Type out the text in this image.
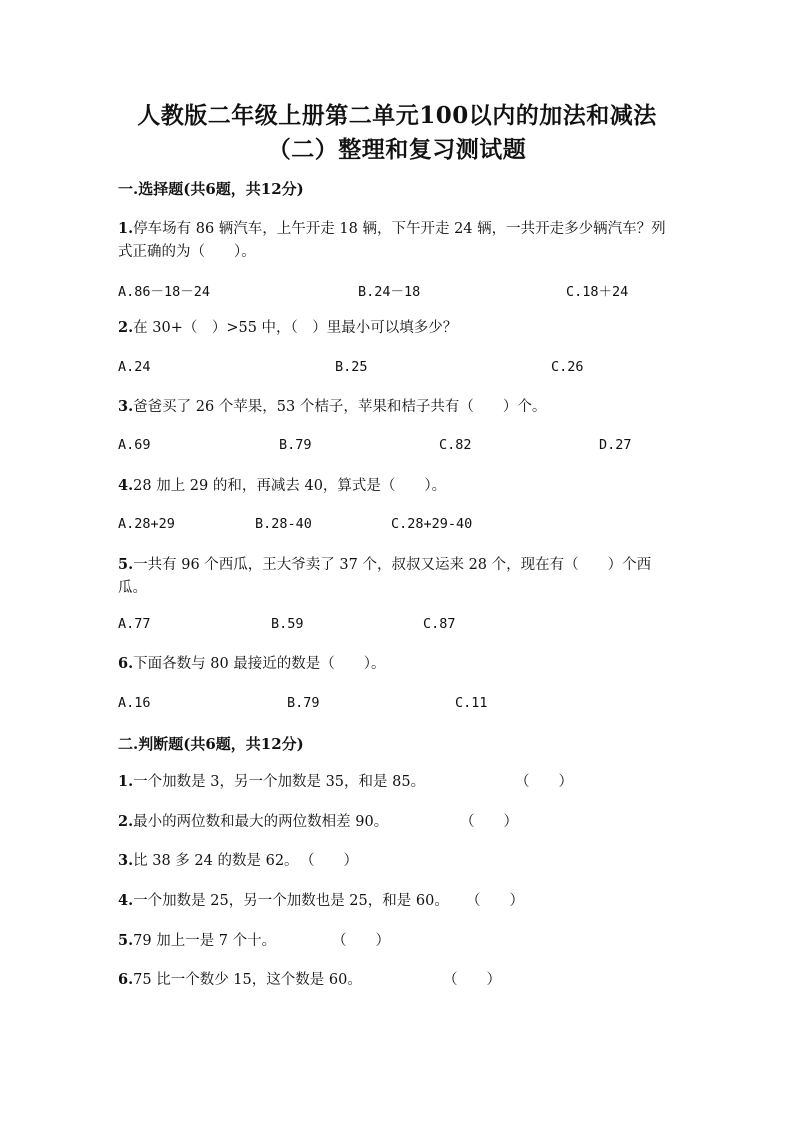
人教版二年级上册第二单元100以内的加法和减法
（二）整理和复习测试题
一.选择题(共6题，共12分)
1.停车场有 86 辆汽车，上午开走 18 辆，下午开走 24 辆，一共开走多少辆汽车？列式正确的为（　　）。
A.86－18－24	B.24－18	C.18＋24
2.在 30+（　）>55 中，（　）里最小可以填多少？
A.24	B.25	C.26
3.爸爸买了 26 个苹果，53 个桔子，苹果和桔子共有（　　）个。
A.69	B.79	C.82	D.27
4.28 加上 29 的和，再减去 40，算式是（　　）。
A.28+29	B.28-40	C.28+29-40
5.一共有 96 个西瓜，王大爷卖了 37 个，叔叔又运来 28 个，现在有（　　）个西瓜。
A.77	B.59	C.87
6.下面各数与 80 最接近的数是（　　）。
A.16	B.79	C.11
二.判断题(共6题，共12分)
1.一个加数是 3，另一个加数是 35，和是 85。	（　　）
2.最小的两位数和最大的两位数相差 90。	（　　）
3.比 38 多 24 的数是 62。 （　　）
4.一个加数是 25，另一个加数也是 25，和是 60。 （　　）
5.79 加上一是 7 个十。	（　　）
6.75 比一个数少 15，这个数是 60。	（　　）
